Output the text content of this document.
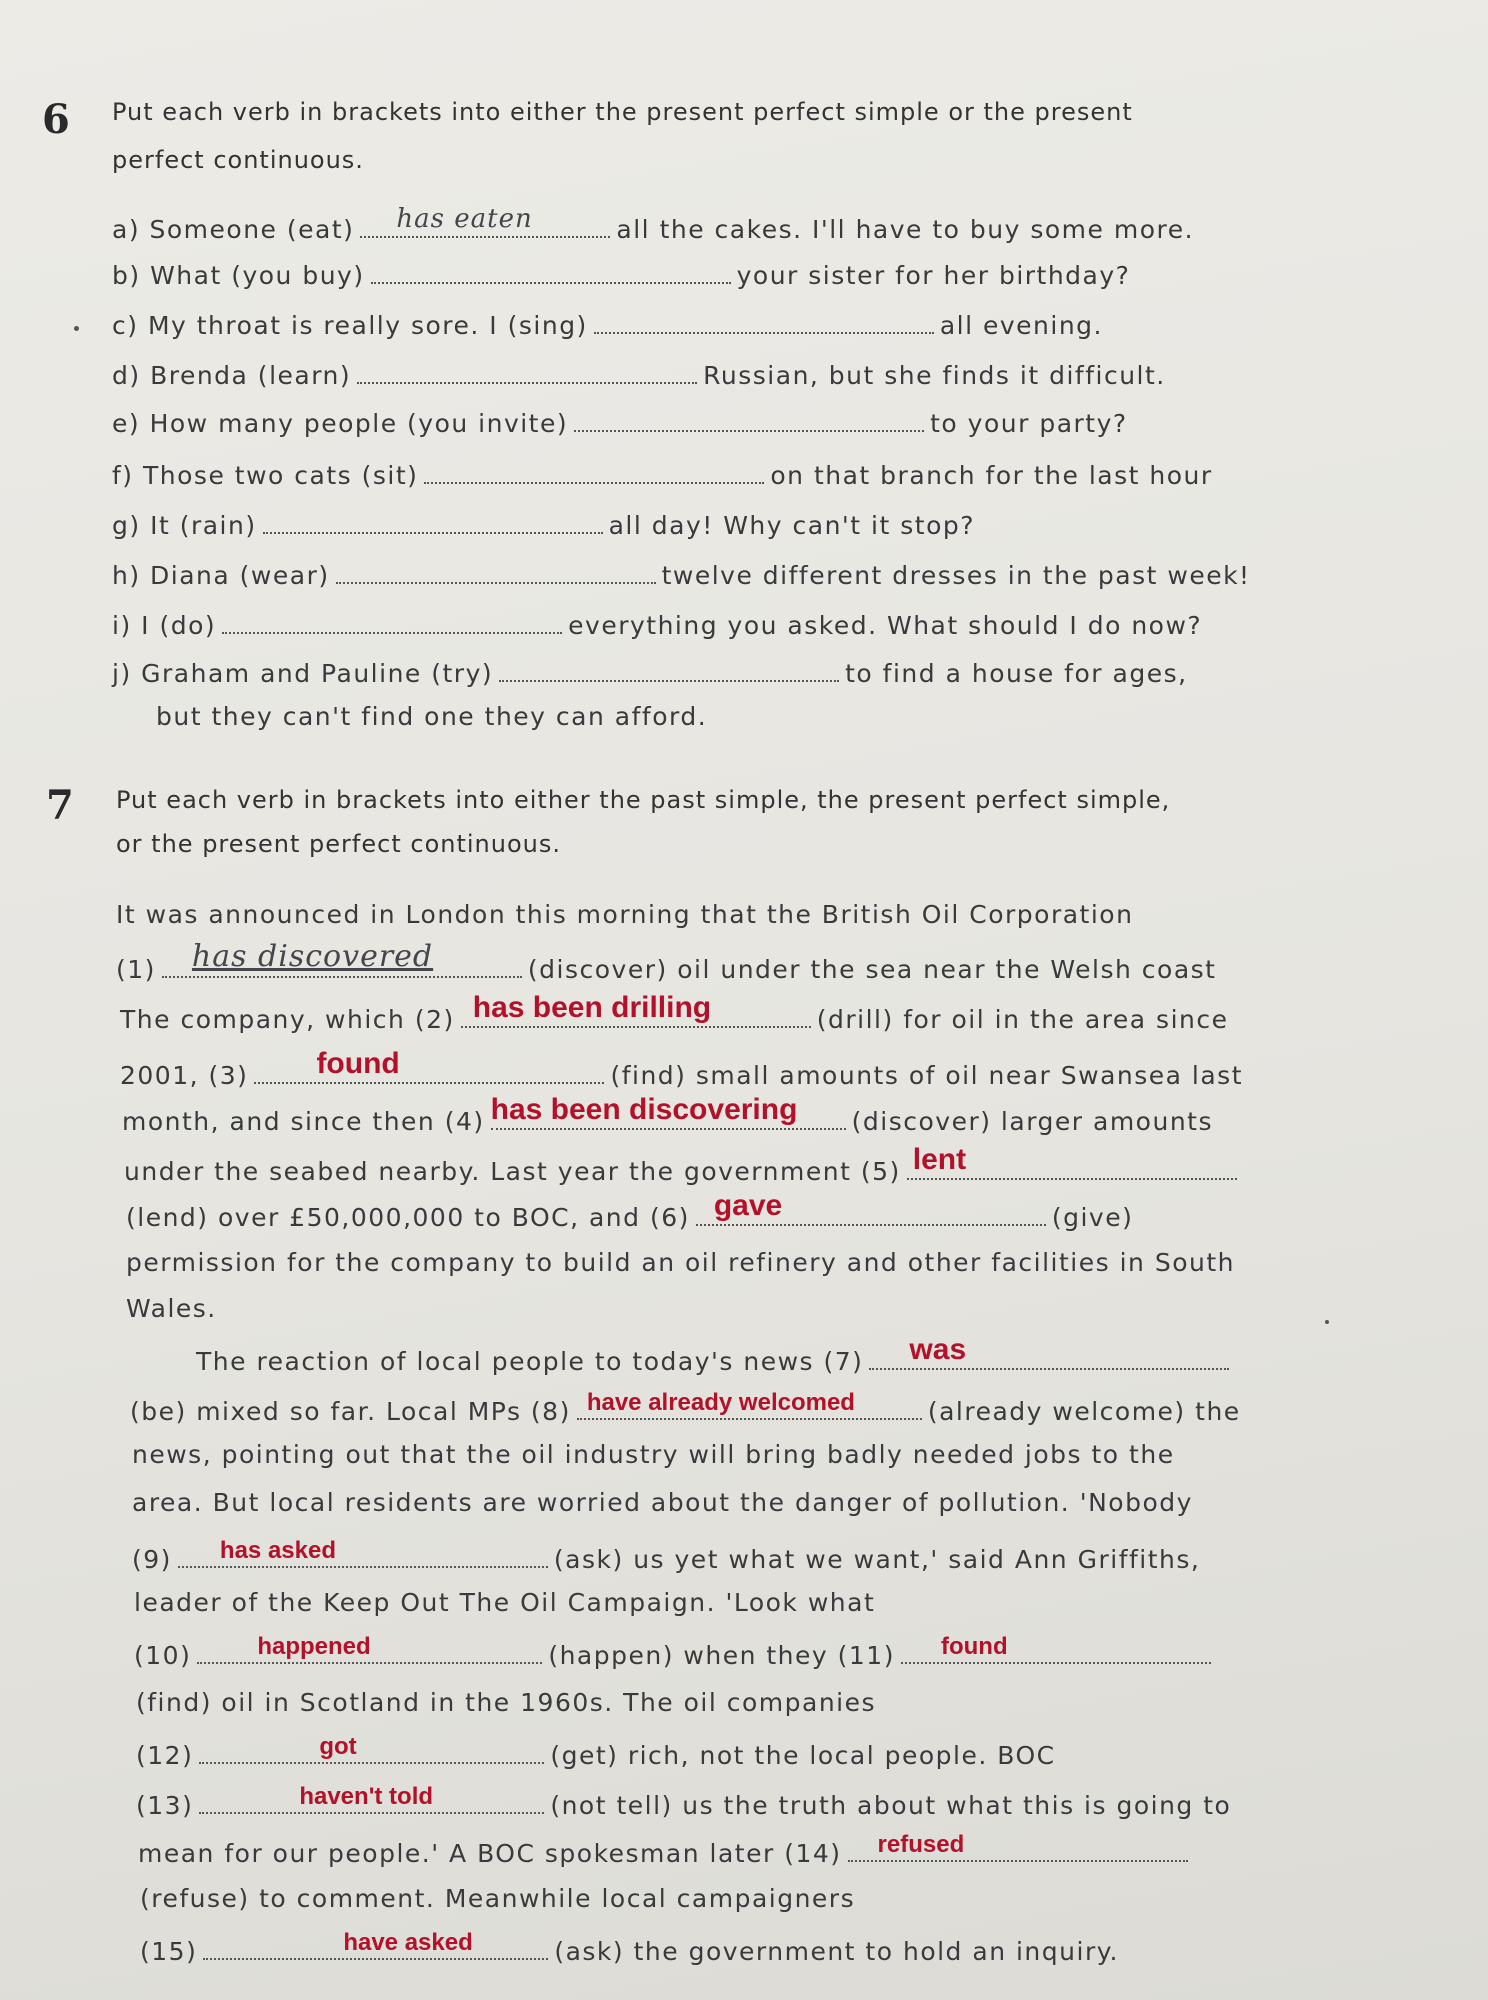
6 Put each verb in brackets into either the present perfect simple or the present
perfect continuous.
a) Someone (eat) has eaten	all the cakes. I'll have to buy some more.
b) What (you buy)	your sister for her birthday?
c) My throat is really sore. I (sing)	all evening.
d) Brenda (learn)	Russian, but she finds it difficult.
e) How many people (you invite)	to your party?
f) Those two cats (sit)	on that branch for the last hour
g) It (rain)	all day! Why can't it stop?
h) Diana (wear)	twelve different dresses in the past week!
i) I (do)	everything you asked. What should I do now?
j) Graham and Pauline (try)	to find a house for ages,
but they can't find one they can afford.
7 Put each verb in brackets into either the past simple, the present perfect simple,
or the present perfect continuous.
It was announced in London this morning that the British Oil Corporation
(1) has discovered	(discover) oil under the sea near the Welsh coast
The company, which (2) has been drilling	(drill) for oil in the area since
2001, (3) found	(find) small amounts of oil near Swansea last
month, and since then (4) has been discovering (discover) larger amounts
under the seabed nearby. Last year the government (5) lent
(lend) over £50,000,000 to BOC, and (6) gave	(give)
permission for the company to build an oil refinery and other facilities in South
Wales.
The reaction of local people to today's news (7) was
(be) mixed so far. Local MPs (8) have already welcomed	(already welcome) the
news, pointing out that the oil industry will bring badly needed jobs to the
area. But local residents are worried about the danger of pollution. 'Nobody
(9) has asked	(ask) us yet what we want,' said Ann Griffiths,
leader of the Keep Out The Oil Campaign. 'Look what
(10)	happened	(happen) when they (11) found
(find) oil in Scotland in the 1960s. The oil companies
(12)	got	(get) rich, not the local people. BOC
(13)	haven't told	(not tell) us the truth about what this is going to
mean for our people.' A BOC spokesman later (14) refused
(refuse) to comment. Meanwhile local campaigners
(15)	have asked	(ask) the government to hold an inquiry.
